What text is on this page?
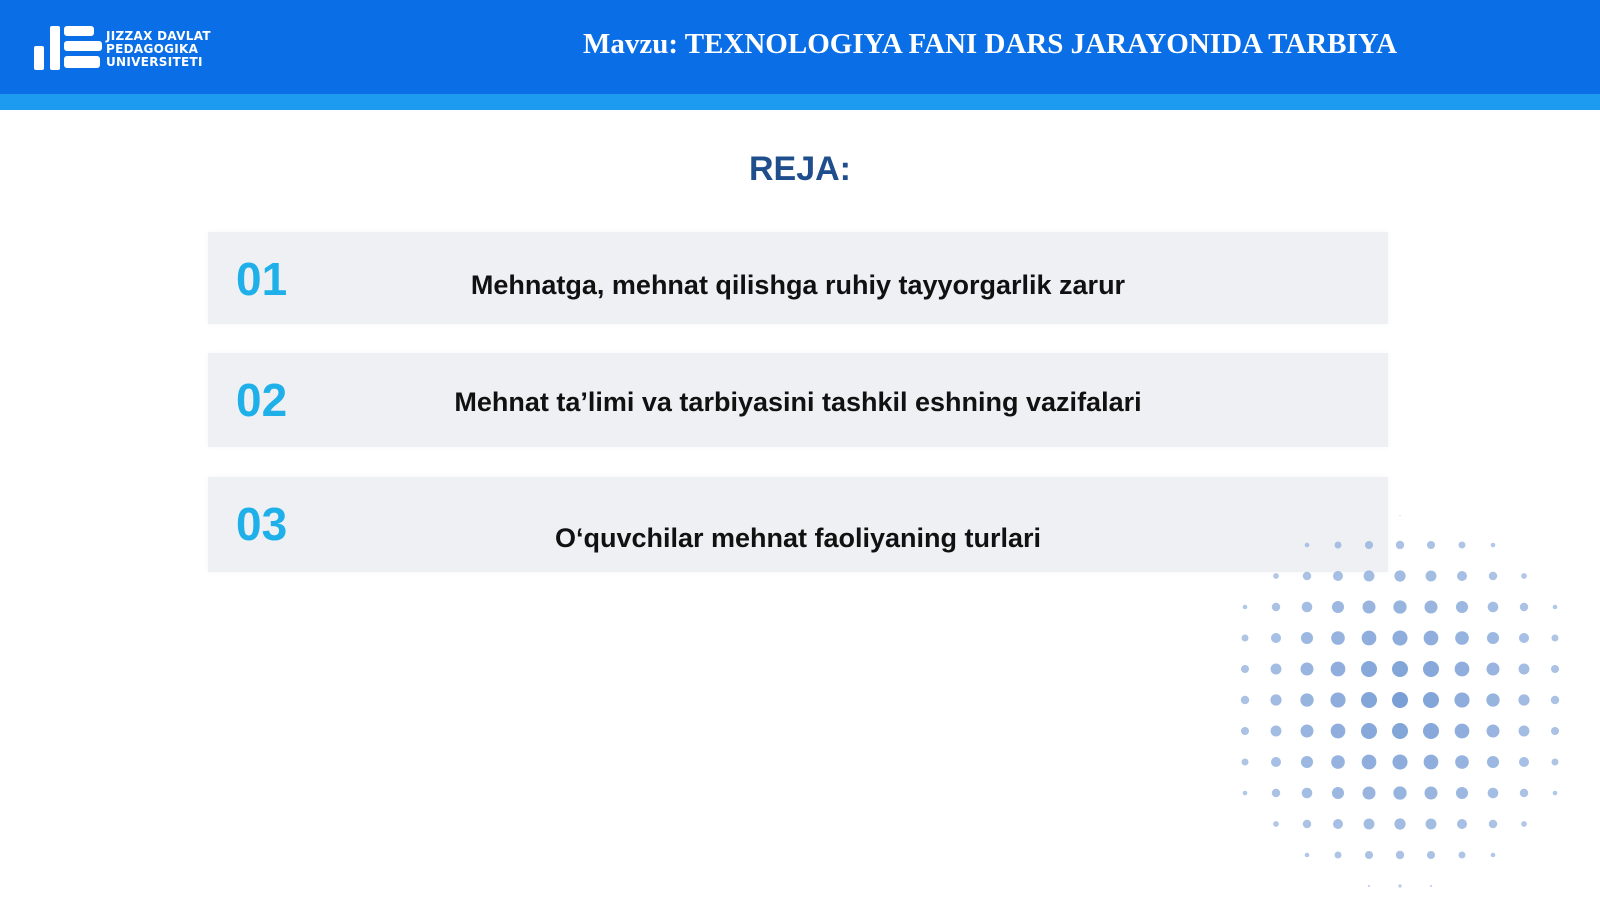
JIZZAX DAVLAT
PEDAGOGIKA
UNIVERSITETI
Mavzu: TEXNOLOGIYA FANI DARS JARAYONIDA TARBIYA
REJA:
01	Mehnatga, mehnat qilishga ruhiy tayyorgarlik zarur
02	Mehnat ta’limi va tarbiyasini tashkil eshning vazifalari
03	O‘quvchilar mehnat faoliyaning turlari
